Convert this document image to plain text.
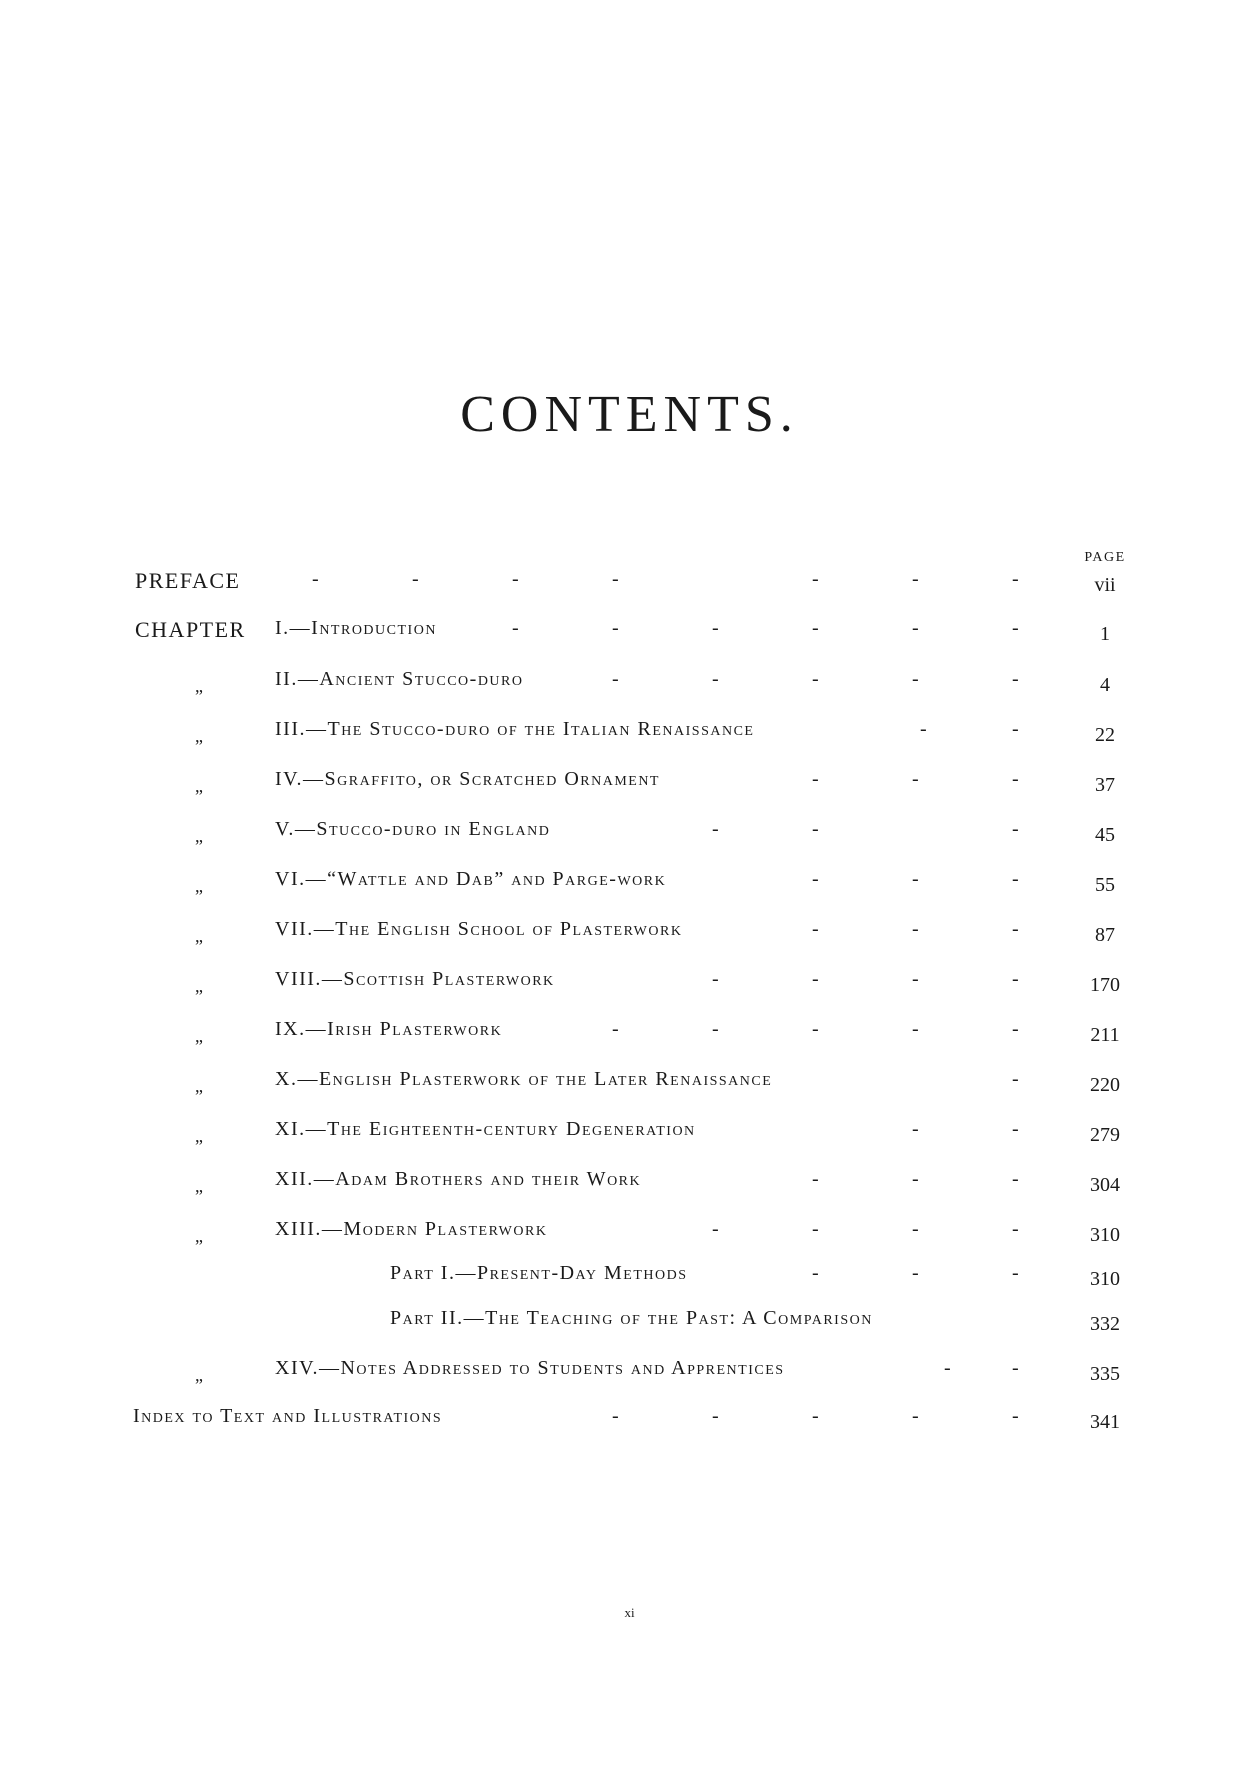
CONTENTS.
PAGE
PREFACE	-	-	-	-	-	-	-	vii
CHAPTER I.—Introduction	-	-	-	-	-	-	1
„	II.—Ancient Stucco-duro	-	-	-	-	-	4
„	III.—The Stucco-duro of the Italian Renaissance	-	-	22
„	IV.—Sgraffito, or Scratched Ornament	-	-	-	37
„	V.—Stucco-duro in England	-	-	-	45
„	VI.—“Wattle and Dab” and Parge-work	-	-	-	55
„	VII.—The English School of Plasterwork	-	-	-	87
„	VIII.—Scottish Plasterwork	-	-	-	-	170
„	IX.—Irish Plasterwork	-	-	-	-	-	211
„	X.—English Plasterwork of the Later Renaissance	-	220
„	XI.—The Eighteenth-century Degeneration	-	-	279
„	XII.—Adam Brothers and their Work	-	-	-	304
„	XIII.—Modern Plasterwork	-	-	-	-	310
Part I.—Present-Day Methods	-	-	-	310
Part II.—The Teaching of the Past: A Comparison	332
„	XIV.—Notes Addressed to Students and Apprentices	-	-	335
Index to Text and Illustrations	-	-	-	-	-	341
xi
